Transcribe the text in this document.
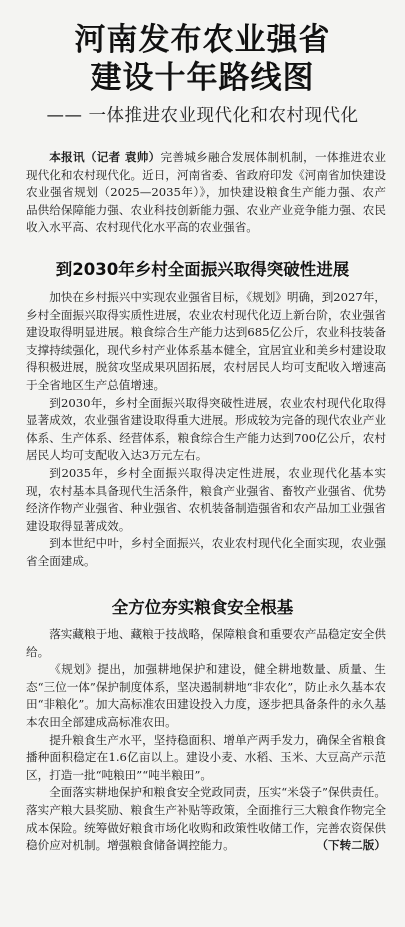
河南发布农业强省
建设十年路线图
—— 一体推进农业现代化和农村现代化

本报讯（记者 袁帅）完善城乡融合发展体制机制，一体推进农业现代化和农村现代化。近日，河南省委、省政府印发《河南省加快建设农业强省规划（2025—2035年）》，加快建设粮食生产能力强、农产品供给保障能力强、农业科技创新能力强、农业产业竞争能力强、农民收入水平高、农村现代化水平高的农业强省。

到2030年乡村全面振兴取得突破性进展

加快在乡村振兴中实现农业强省目标，《规划》明确，到2027年，乡村全面振兴取得实质性进展，农业农村现代化迈上新台阶，农业强省建设取得明显进展。粮食综合生产能力达到685亿公斤，农业科技装备支撑持续强化，现代乡村产业体系基本健全，宜居宜业和美乡村建设取得积极进展，脱贫攻坚成果巩固拓展，农村居民人均可支配收入增速高于全省地区生产总值增速。

到2030年，乡村全面振兴取得突破性进展，农业农村现代化取得显著成效，农业强省建设取得重大进展。形成较为完备的现代农业产业体系、生产体系、经营体系，粮食综合生产能力达到700亿公斤，农村居民人均可支配收入达3万元左右。

到2035年，乡村全面振兴取得决定性进展，农业现代化基本实现，农村基本具备现代生活条件，粮食产业强省、畜牧产业强省、优势经济作物产业强省、种业强省、农机装备制造强省和农产品加工业强省建设取得显著成效。

到本世纪中叶，乡村全面振兴，农业农村现代化全面实现，农业强省全面建成。

全方位夯实粮食安全根基

落实藏粮于地、藏粮于技战略，保障粮食和重要农产品稳定安全供给。

《规划》提出，加强耕地保护和建设，健全耕地数量、质量、生态“三位一体”保护制度体系，坚决遏制耕地“非农化”，防止永久基本农田“非粮化”。加大高标准农田建设投入力度，逐步把具备条件的永久基本农田全部建成高标准农田。

提升粮食生产水平，坚持稳面积、增单产两手发力，确保全省粮食播种面积稳定在1.6亿亩以上。建设小麦、水稻、玉米、大豆高产示范区，打造一批“吨粮田”“吨半粮田”。

全面落实耕地保护和粮食安全党政同责，压实“米袋子”保供责任。落实产粮大县奖励、粮食生产补贴等政策，全面推行三大粮食作物完全成本保险。统筹做好粮食市场化收购和政策性收储工作，完善农资保供稳价应对机制。增强粮食储备调控能力。	（下转二版）
